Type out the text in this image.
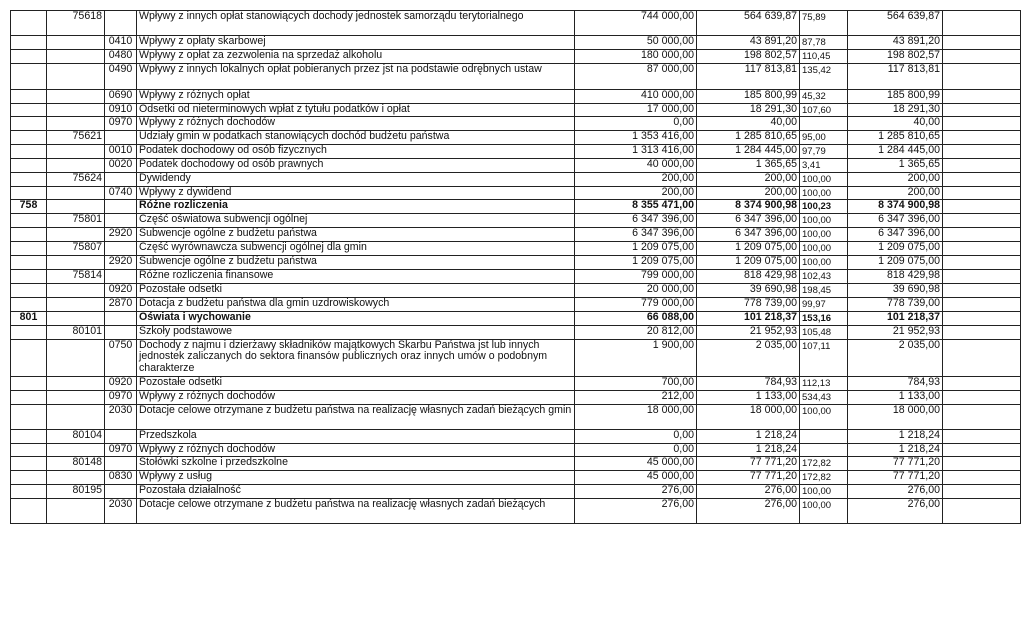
	75618		Wpływy z innych opłat stanowiących dochody jednostek samorządu terytorialnego	744 000,00	564 639,87	75,89	564 639,87	
		0410	Wpływy z opłaty skarbowej	50 000,00	43 891,20	87,78	43 891,20	
		0480	Wpływy z opłat za zezwolenia na sprzedaż alkoholu	180 000,00	198 802,57	110,45	198 802,57	
		0490	Wpływy z innych lokalnych opłat pobieranych przez jst na podstawie odrębnych ustaw	87 000,00	117 813,81	135,42	117 813,81	
		0690	Wpływy z różnych opłat	410 000,00	185 800,99	45,32	185 800,99	
		0910	Odsetki od nieterminowych wpłat z tytułu podatków i opłat	17 000,00	18 291,30	107,60	18 291,30	
		0970	Wpływy z różnych dochodów	0,00	40,00		40,00	
	75621		Udziały gmin w podatkach stanowiących dochód budżetu państwa	1 353 416,00	1 285 810,65	95,00	1 285 810,65	
		0010	Podatek dochodowy od osób fizycznych	1 313 416,00	1 284 445,00	97,79	1 284 445,00	
		0020	Podatek dochodowy od osób prawnych	40 000,00	1 365,65	3,41	1 365,65	
	75624		Dywidendy	200,00	200,00	100,00	200,00	
		0740	Wpływy z dywidend	200,00	200,00	100,00	200,00	
758			Różne rozliczenia	8 355 471,00	8 374 900,98	100,23	8 374 900,98	
	75801		Część oświatowa subwencji ogólnej	6 347 396,00	6 347 396,00	100,00	6 347 396,00	
		2920	Subwencje ogólne z budżetu państwa	6 347 396,00	6 347 396,00	100,00	6 347 396,00	
	75807		Część wyrównawcza subwencji ogólnej dla gmin	1 209 075,00	1 209 075,00	100,00	1 209 075,00	
		2920	Subwencje ogólne z budżetu państwa	1 209 075,00	1 209 075,00	100,00	1 209 075,00	
	75814		Różne rozliczenia finansowe	799 000,00	818 429,98	102,43	818 429,98	
		0920	Pozostałe odsetki	20 000,00	39 690,98	198,45	39 690,98	
		2870	Dotacja z budżetu państwa dla gmin uzdrowiskowych	779 000,00	778 739,00	99,97	778 739,00	
801			Oświata i wychowanie	66 088,00	101 218,37	153,16	101 218,37	
	80101		Szkoły podstawowe	20 812,00	21 952,93	105,48	21 952,93	
		0750	Dochody z najmu i dzierżawy składników majątkowych Skarbu Państwa jst lub innych jednostek zaliczanych do sektora finansów publicznych oraz innych umów o podobnym charakterze	1 900,00	2 035,00	107,11	2 035,00	
		0920	Pozostałe odsetki	700,00	784,93	112,13	784,93	
		0970	Wpływy z różnych dochodów	212,00	1 133,00	534,43	1 133,00	
		2030	Dotacje celowe otrzymane z budżetu państwa na realizację własnych zadań bieżących gmin	18 000,00	18 000,00	100,00	18 000,00	
	80104		Przedszkola	0,00	1 218,24		1 218,24	
		0970	Wpływy z różnych dochodów	0,00	1 218,24		1 218,24	
	80148		Stołówki szkolne i przedszkolne	45 000,00	77 771,20	172,82	77 771,20	
		0830	Wpływy z usług	45 000,00	77 771,20	172,82	77 771,20	
	80195		Pozostała działalność	276,00	276,00	100,00	276,00	
		2030	Dotacje celowe otrzymane z budżetu państwa na realizację własnych zadań bieżących	276,00	276,00	100,00	276,00	
